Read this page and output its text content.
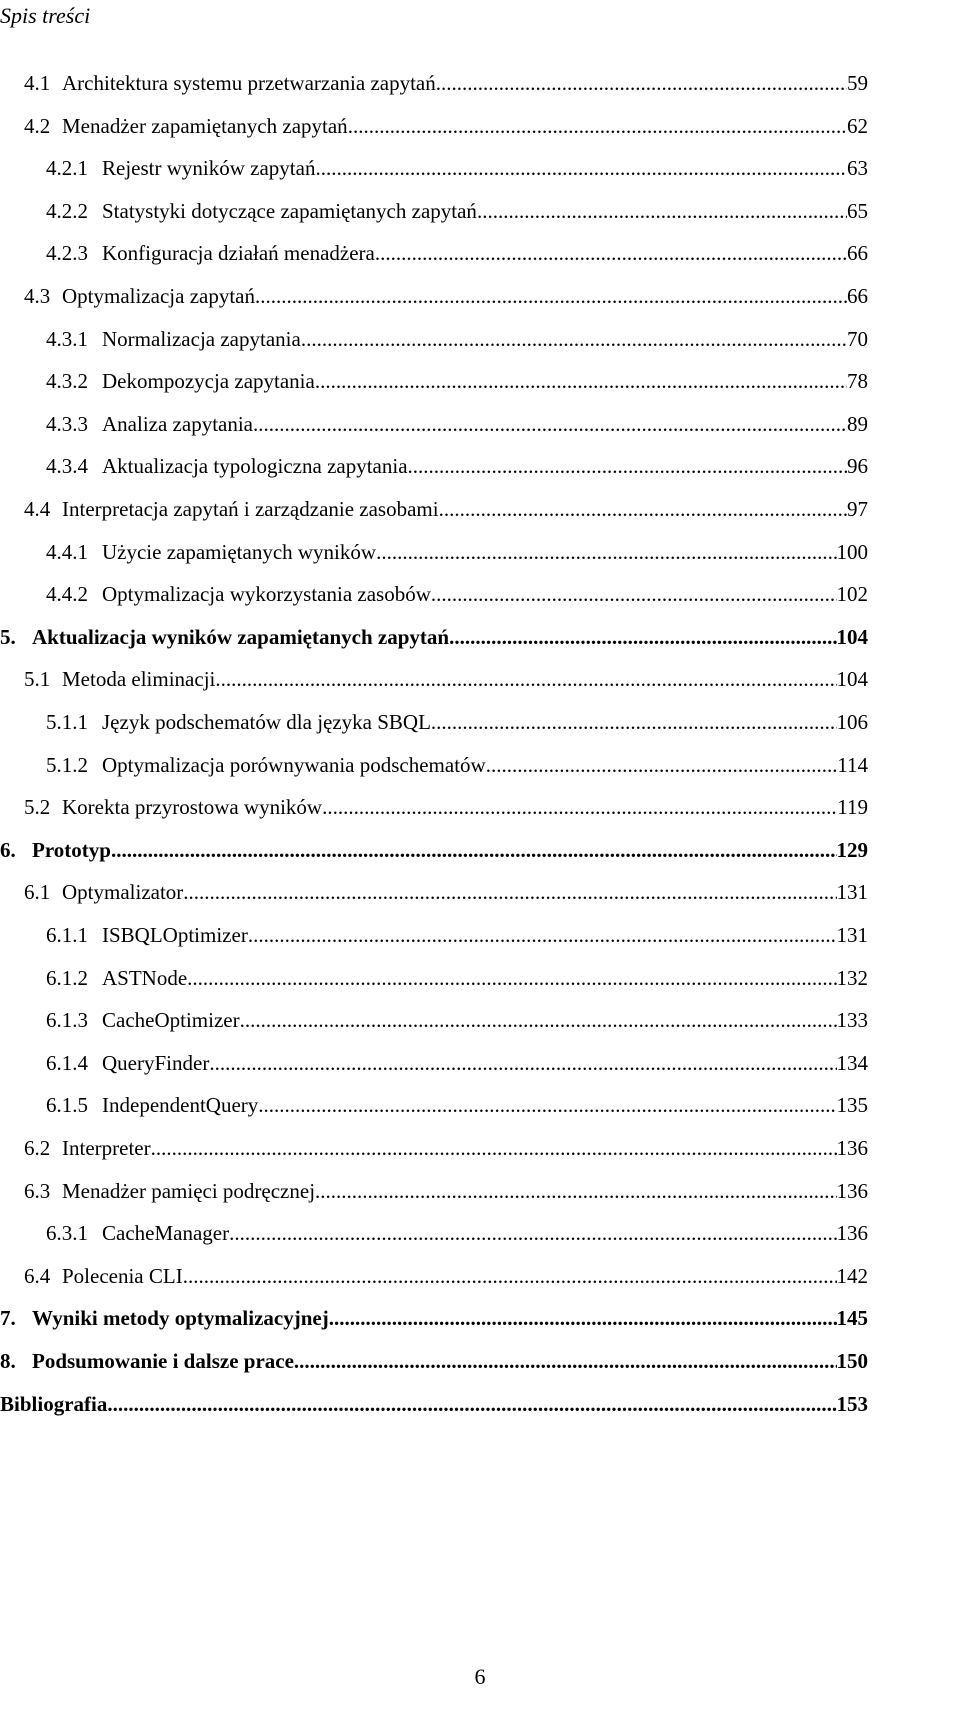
Spis treści
4.1 Architektura systemu przetwarzania zapytań .....	59
4.2 Menadżer zapamiętanych zapytań .....	62
4.2.1 Rejestr wyników zapytań .....	63
4.2.2 Statystyki dotyczące zapamiętanych zapytań .....	65
4.2.3 Konfiguracja działań menadżera .....	66
4.3 Optymalizacja zapytań .....	66
4.3.1 Normalizacja zapytania .....	70
4.3.2 Dekompozycja zapytania .....	78
4.3.3 Analiza zapytania .....	89
4.3.4 Aktualizacja typologiczna zapytania .....	96
4.4 Interpretacja zapytań i zarządzanie zasobami .....	97
4.4.1 Użycie zapamiętanych wyników .....	100
4.4.2 Optymalizacja wykorzystania zasobów .....	102
5. Aktualizacja wyników zapamiętanych zapytań .....	104
5.1 Metoda eliminacji .....	104
5.1.1 Język podschematów dla języka SBQL .....	106
5.1.2 Optymalizacja porównywania podschematów .....	114
5.2 Korekta przyrostowa wyników .....	119
6. Prototyp .....	129
6.1 Optymalizator .....	131
6.1.1 ISBQLOptimizer .....	131
6.1.2 ASTNode .....	132
6.1.3 CacheOptimizer .....	133
6.1.4 QueryFinder .....	134
6.1.5 IndependentQuery .....	135
6.2 Interpreter .....	136
6.3 Menadżer pamięci podręcznej .....	136
6.3.1 CacheManager .....	136
6.4 Polecenia CLI .....	142
7. Wyniki metody optymalizacyjnej .....	145
8. Podsumowanie i dalsze prace .....	150
Bibliografia .....	153
6
